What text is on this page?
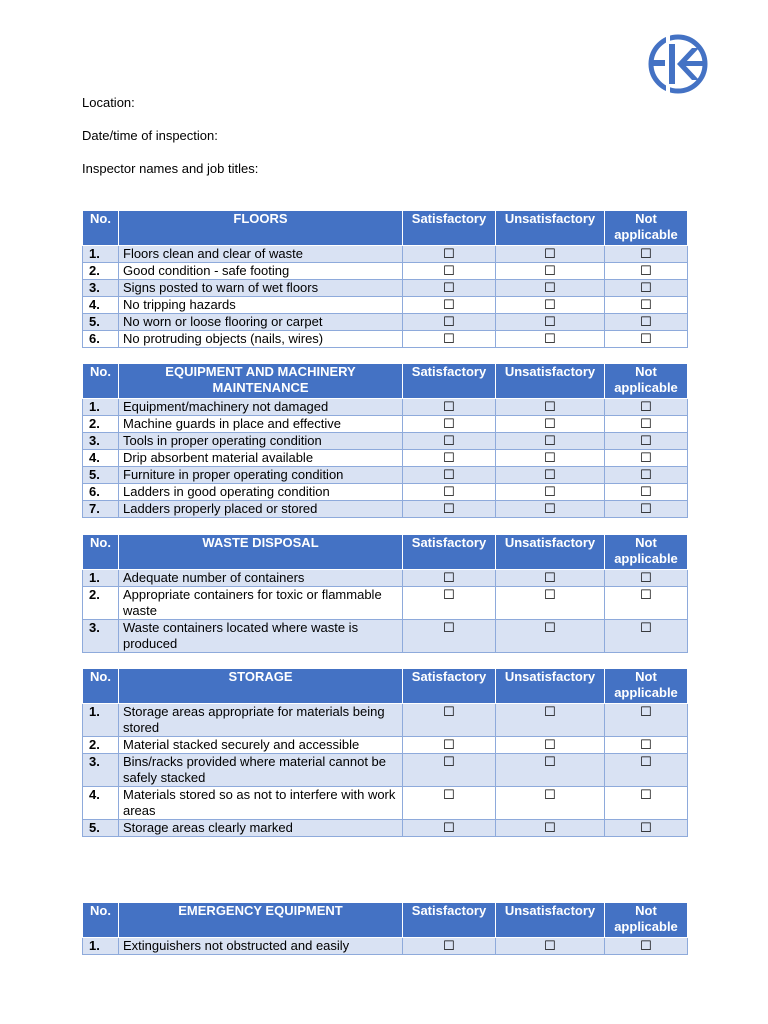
Location:
Date/time of inspection:
Inspector names and job titles:
No.	FLOORS	Satisfactory	Unsatisfactory	Not applicable
1.	Floors clean and clear of waste	☐	☐	☐
2.	Good condition - safe footing	☐	☐	☐
3.	Signs posted to warn of wet floors	☐	☐	☐
4.	No tripping hazards	☐	☐	☐
5.	No worn or loose flooring or carpet	☐	☐	☐
6.	No protruding objects (nails, wires)	☐	☐	☐
No.	EQUIPMENT AND MACHINERY MAINTENANCE	Satisfactory	Unsatisfactory	Not applicable
1.	Equipment/machinery not damaged	☐	☐	☐
2.	Machine guards in place and effective	☐	☐	☐
3.	Tools in proper operating condition	☐	☐	☐
4.	Drip absorbent material available	☐	☐	☐
5.	Furniture in proper operating condition	☐	☐	☐
6.	Ladders in good operating condition	☐	☐	☐
7.	Ladders properly placed or stored	☐	☐	☐
No.	WASTE DISPOSAL	Satisfactory	Unsatisfactory	Not applicable
1.	Adequate number of containers	☐	☐	☐
2.	Appropriate containers for toxic or flammable waste	☐	☐	☐
3.	Waste containers located where waste is produced	☐	☐	☐
No.	STORAGE	Satisfactory	Unsatisfactory	Not applicable
1.	Storage areas appropriate for materials being stored	☐	☐	☐
2.	Material stacked securely and accessible	☐	☐	☐
3.	Bins/racks provided where material cannot be safely stacked	☐	☐	☐
4.	Materials stored so as not to interfere with work areas	☐	☐	☐
5.	Storage areas clearly marked	☐	☐	☐
No.	EMERGENCY EQUIPMENT	Satisfactory	Unsatisfactory	Not applicable
1.	Extinguishers not obstructed and easily	☐	☐	☐
